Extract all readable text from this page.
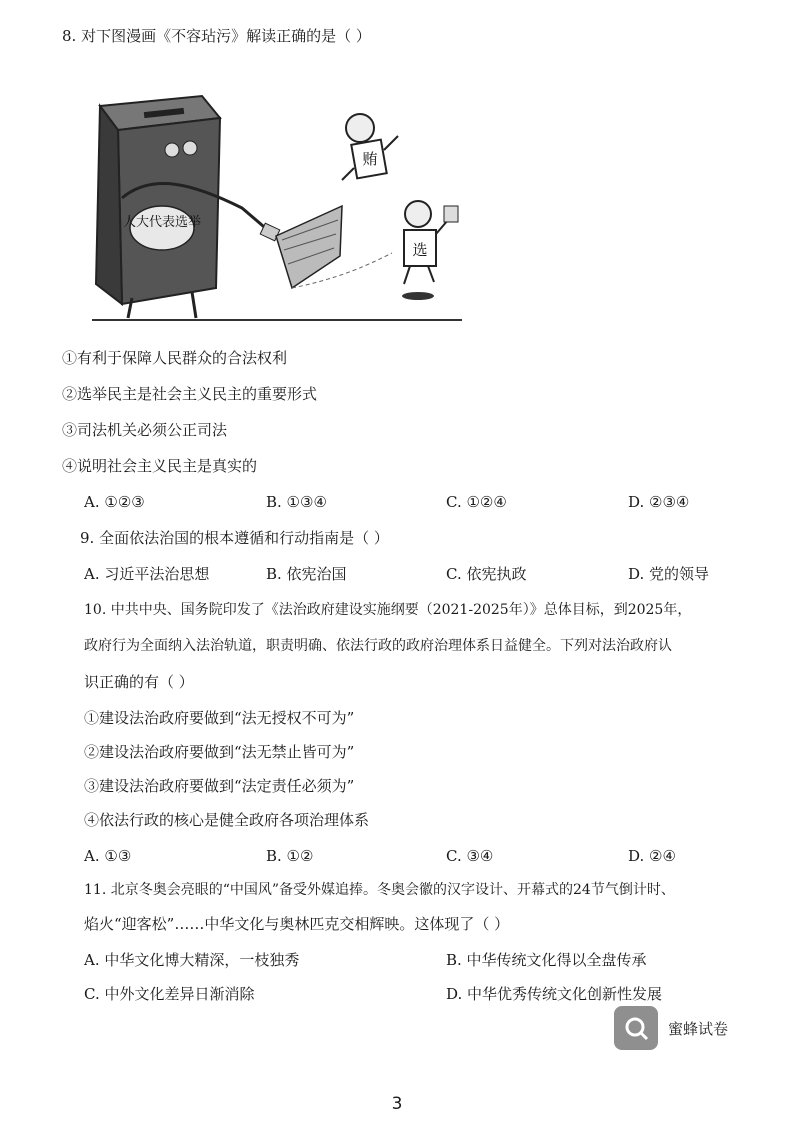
8. 对下图漫画《不容玷污》解读正确的是（ ）
人大代表选举
贿
选
①有利于保障人民群众的合法权利
②选举民主是社会主义民主的重要形式
③司法机关必须公正司法
④说明社会主义民主是真实的
A. ①②③	B. ①③④	C. ①②④	D. ②③④
9. 全面依法治国的根本遵循和行动指南是（ ）
A. 习近平法治思想	B. 依宪治国	C. 依宪执政	D. 党的领导
10. 中共中央、国务院印发了《法治政府建设实施纲要（2021-2025年）》总体目标，到2025年，
政府行为全面纳入法治轨道，职责明确、依法行政的政府治理体系日益健全。下列对法治政府认
识正确的有（ ）
①建设法治政府要做到“法无授权不可为”
②建设法治政府要做到“法无禁止皆可为”
③建设法治政府要做到“法定责任必须为”
④依法行政的核心是健全政府各项治理体系
A. ①③	B. ①②	C. ③④	D. ②④
11. 北京冬奥会亮眼的“中国风”备受外媒追捧。冬奥会徽的汉字设计、开幕式的24节气倒计时、
焰火“迎客松”……中华文化与奥林匹克交相辉映。这体现了（ ）
A. 中华文化博大精深，一枝独秀	B. 中华传统文化得以全盘传承
C. 中外文化差异日渐消除	D. 中华优秀传统文化创新性发展
蜜蜂试卷
3
